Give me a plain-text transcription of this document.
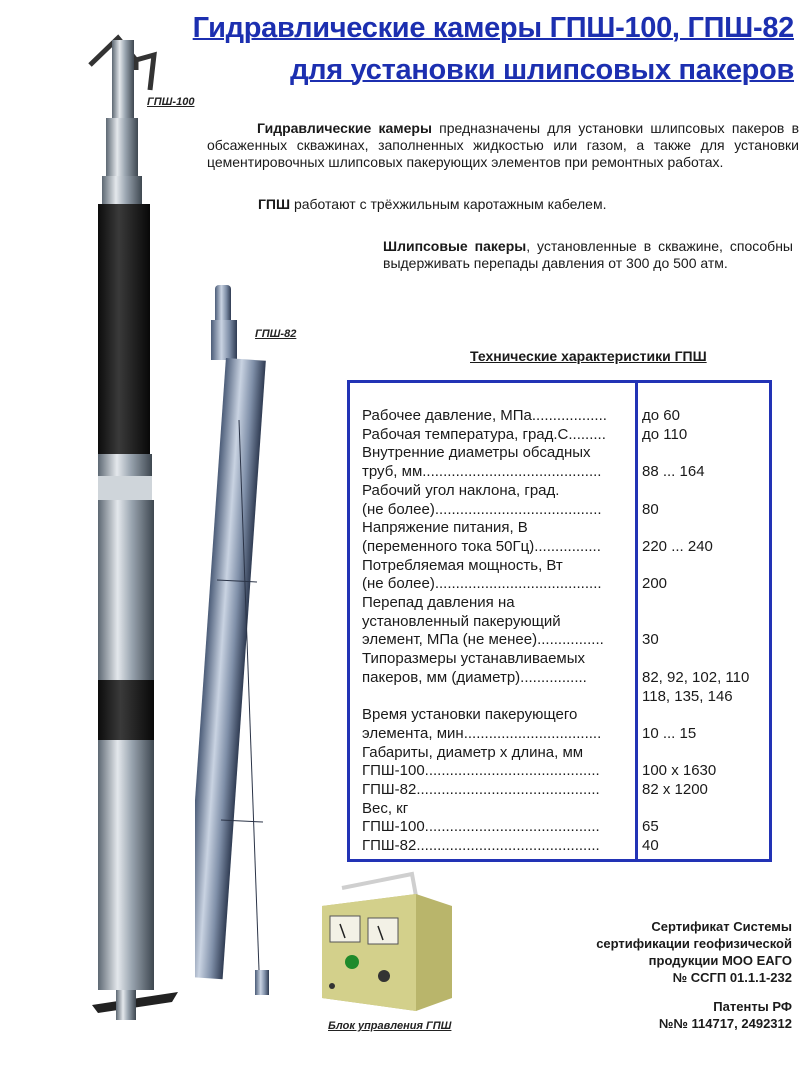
Гидравлические камеры ГПШ-100, ГПШ-82
для установки шлипсовых пакеров
ГПШ-100
ГПШ-82
Гидравлические камеры предназначены для установки шлипсовых пакеров в обсаженных скважинах, заполненных жидкостью или газом, а также для установки цементировочных шлипсовых пакерующих элементов при ремонтных работах.
ГПШ работают с трёхжильным каротажным кабелем.
Шлипсовые пакеры, установленные в скважине, способны выдерживать перепады давления от 300 до 500 атм.
Технические характеристики ГПШ
Рабочее давление, МПа.................. до 60
Рабочая температура, град.С......... до 110
Внутренние диаметры обсадных
труб, мм...........................................	88 ... 164
Рабочий угол наклона, град.
(не более)........................................	80
Напряжение питания, В
(переменного тока 50Гц)................	220 ... 240
Потребляемая мощность, Вт
(не более)........................................	200
Перепад давления на
установленный пакерующий
элемент, МПа (не менее)................	30
Типоразмеры устанавливаемых
пакеров, мм (диаметр)................	82, 92, 102, 110
118, 135, 146
Время установки пакерующего
элемента, мин.................................	10 ... 15
Габариты, диаметр х длина, мм
ГПШ-100..........................................	100 х 1630
ГПШ-82............................................	82 х 1200
Вес, кг
ГПШ-100..........................................	65
ГПШ-82............................................	40
Блок управления ГПШ
Сертификат Системы
сертификации геофизической
продукции МОО ЕАГО
№ ССГП 01.1.1-232
Патенты РФ
№№ 114717, 2492312
